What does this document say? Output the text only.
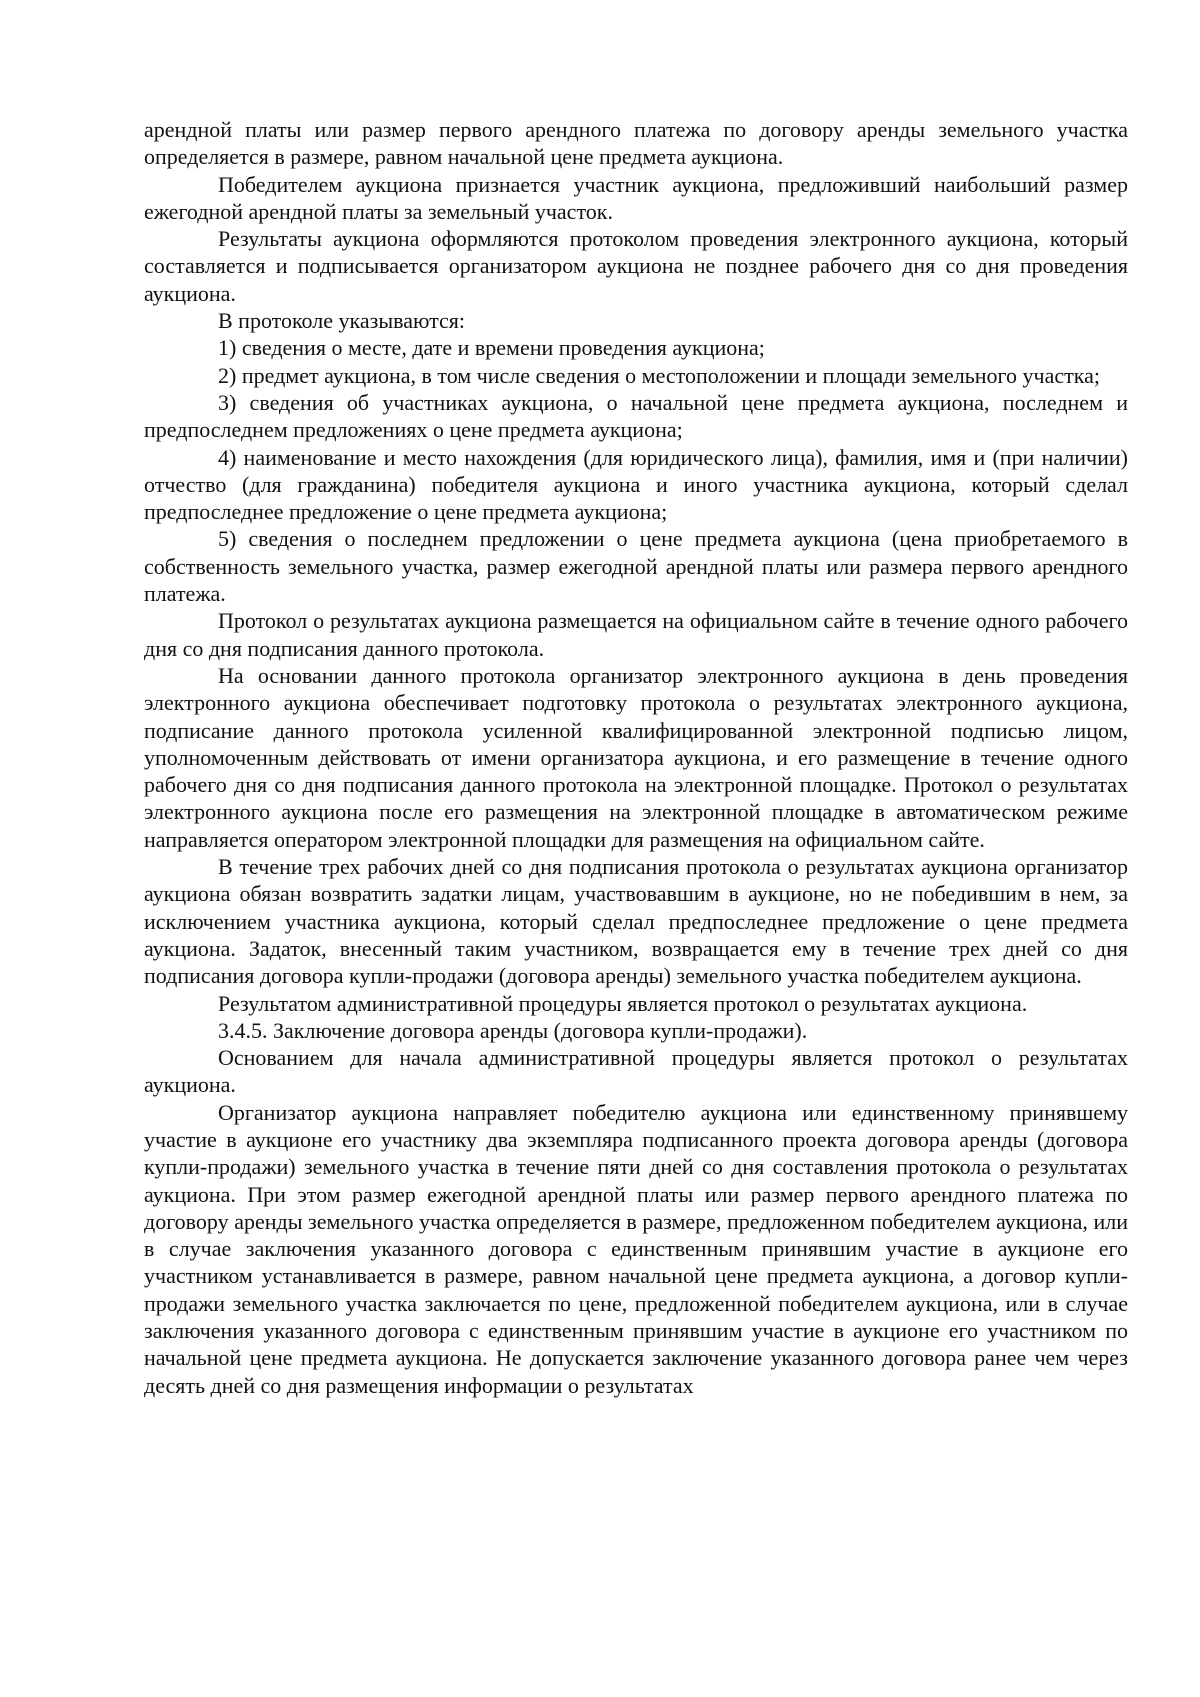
арендной платы или размер первого арендного платежа по договору аренды земельного участка определяется в размере, равном начальной цене предмета аукциона.

Победителем аукциона признается участник аукциона, предложивший наибольший размер ежегодной арендной платы за земельный участок.

Результаты аукциона оформляются протоколом проведения электронного аукциона, который составляется и подписывается организатором аукциона не позднее рабочего дня со дня проведения аукциона.

В протоколе указываются:

1) сведения о месте, дате и времени проведения аукциона;

2) предмет аукциона, в том числе сведения о местоположении и площади земельного участка;

3) сведения об участниках аукциона, о начальной цене предмета аукциона, последнем и предпоследнем предложениях о цене предмета аукциона;

4) наименование и место нахождения (для юридического лица), фамилия, имя и (при наличии) отчество (для гражданина) победителя аукциона и иного участника аукциона, который сделал предпоследнее предложение о цене предмета аукциона;

5) сведения о последнем предложении о цене предмета аукциона (цена приобретаемого в собственность земельного участка, размер ежегодной арендной платы или размера первого арендного платежа.

Протокол о результатах аукциона размещается на официальном сайте в течение одного рабочего дня со дня подписания данного протокола.

На основании данного протокола организатор электронного аукциона в день проведения электронного аукциона обеспечивает подготовку протокола о результатах электронного аукциона, подписание данного протокола усиленной квалифицированной электронной подписью лицом, уполномоченным действовать от имени организатора аукциона, и его размещение в течение одного рабочего дня со дня подписания данного протокола на электронной площадке. Протокол о результатах электронного аукциона после его размещения на электронной площадке в автоматическом режиме направляется оператором электронной площадки для размещения на официальном сайте.

В течение трех рабочих дней со дня подписания протокола о результатах аукциона организатор аукциона обязан возвратить задатки лицам, участвовавшим в аукционе, но не победившим в нем, за исключением участника аукциона, который сделал предпоследнее предложение о цене предмета аукциона. Задаток, внесенный таким участником, возвращается ему в течение трех дней со дня подписания договора купли-продажи (договора аренды) земельного участка победителем аукциона.

Результатом административной процедуры является протокол о результатах аукциона.

3.4.5. Заключение договора аренды (договора купли-продажи).

Основанием для начала административной процедуры является протокол о результатах аукциона.

Организатор аукциона направляет победителю аукциона или единственному принявшему участие в аукционе его участнику два экземпляра подписанного проекта договора аренды (договора купли-продажи) земельного участка в течение пяти дней со дня составления протокола о результатах аукциона. При этом размер ежегодной арендной платы или размер первого арендного платежа по договору аренды земельного участка определяется в размере, предложенном победителем аукциона, или в случае заключения указанного договора с единственным принявшим участие в аукционе его участником устанавливается в размере, равном начальной цене предмета аукциона, а договор купли-продажи земельного участка заключается по цене, предложенной победителем аукциона, или в случае заключения указанного договора с единственным принявшим участие в аукционе его участником по начальной цене предмета аукциона. Не допускается заключение указанного договора ранее чем через десять дней со дня размещения информации о результатах
